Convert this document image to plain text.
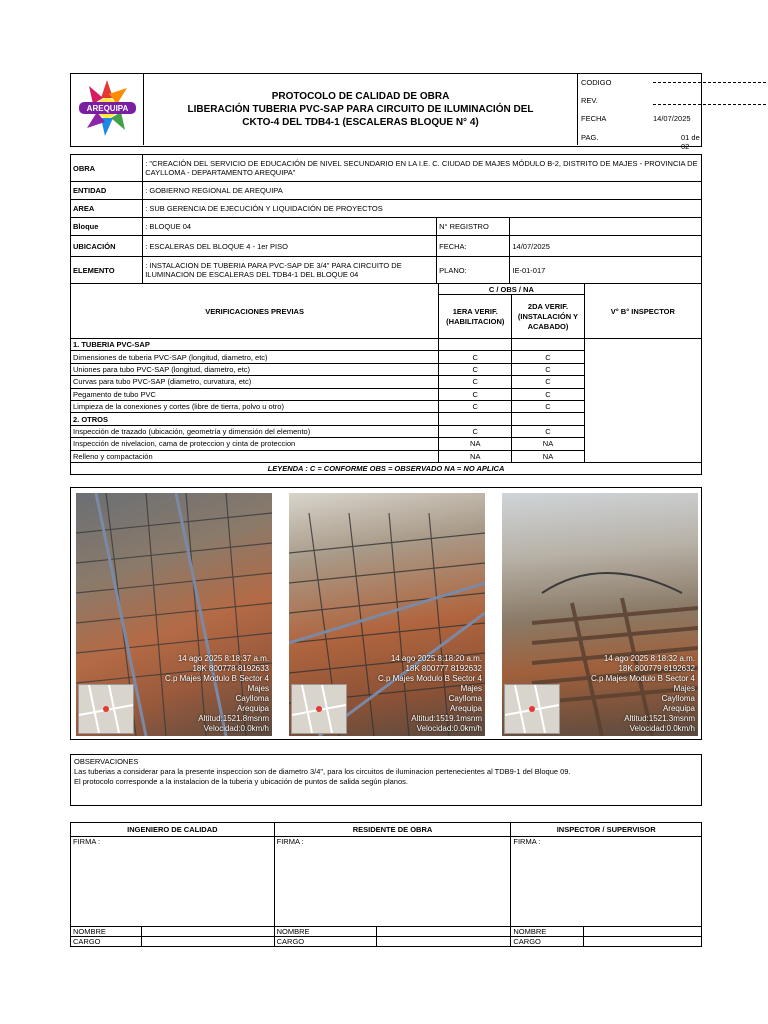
AREQUIPA
PROTOCOLO DE CALIDAD DE OBRA
LIBERACIÓN TUBERIA PVC-SAP PARA CIRCUITO DE ILUMINACIÓN DEL
CKTO-4 DEL TDB4-1 (ESCALERAS BLOQUE N° 4)
CODIGO
REV.
FECHA	14/07/2025
PAG.	01 de 02
OBRA	: "CREACIÓN DEL SERVICIO DE EDUCACIÓN DE NIVEL SECUNDARIO EN LA I.E. C. CIUDAD DE MAJES MÓDULO B-2, DISTRITO DE MAJES - PROVINCIA DE CAYLLOMA - DEPARTAMENTO AREQUIPA"		
ENTIDAD	: GOBIERNO REGIONAL DE AREQUIPA		
AREA	: SUB GERENCIA DE EJECUCIÓN Y LIQUIDACIÓN DE PROYECTOS		
Bloque	: BLOQUE 04	N° REGISTRO	
UBICACIÓN	: ESCALERAS DEL BLOQUE 4 - 1er PISO	FECHA:	14/07/2025
ELEMENTO	: INSTALACION DE TUBERIA PARA PVC-SAP DE 3/4" PARA CIRCUITO DE ILUMINACION DE ESCALERAS DEL TDB4-1 DEL BLOQUE 04	PLANO:	IE-01-017
VERIFICACIONES PREVIAS	C / OBS / NA		V° B° INSPECTOR
	1ERA VERIF. (HABILITACION)	2DA VERIF. (INSTALACIÓN Y ACABADO)	
1. TUBERIA PVC-SAP			
Dimensiones de tuberia PVC-SAP (longitud, diametro, etc)	C	C	
Uniones para tubo PVC-SAP (longitud, diametro, etc)	C	C	
Curvas para tubo PVC-SAP (diametro, curvatura, etc)	C	C	
Pegamento de tubo PVC	C	C	
Limpieza de la conexiones y cortes (libre de tierra, polvo u otro)	C	C	
2. OTROS			
Inspección de trazado (ubicación, geometría y dimensión del elemento)	C	C	
Inspección de nivelacion, cama de proteccion y cinta de proteccion	NA	NA	
Relleno y compactación	NA	NA	
LEYENDA : C = CONFORME OBS = OBSERVADO NA = NO APLICA			
14 ago 2025 8:18:37 a.m.
18K 800778 8192633
C.p Majes Modulo B Sector 4
Majes
Caylloma
Arequipa
Altitud:1521.8msnm
Velocidad:0.0km/h
14 ago 2025 8:18:20 a.m.
18K 800777 8192632
C.p Majes Modulo B Sector 4
Majes
Caylloma
Arequipa
Altitud:1519.1msnm
Velocidad:0.0km/h
14 ago 2025 8:18:32 a.m.
18K 800779 8192632
C.p Majes Modulo B Sector 4
Majes
Caylloma
Arequipa
Altitud:1521.3msnm
Velocidad:0.0km/h
OBSERVACIONES
Las tuberias a considerar para la presente inspeccion son de diametro 3/4", para los circuitos de iluminacion pertenecientes al TDB9-1 del Bloque 09.
El protocolo corresponde a la instalacion de la tuberia y ubicación de puntos de salida según planos.
INGENIERO DE CALIDAD		RESIDENTE DE OBRA		INSPECTOR / SUPERVISOR	
FIRMA :		FIRMA :		FIRMA :	
NOMBRE		NOMBRE		NOMBRE	
CARGO		CARGO		CARGO	
